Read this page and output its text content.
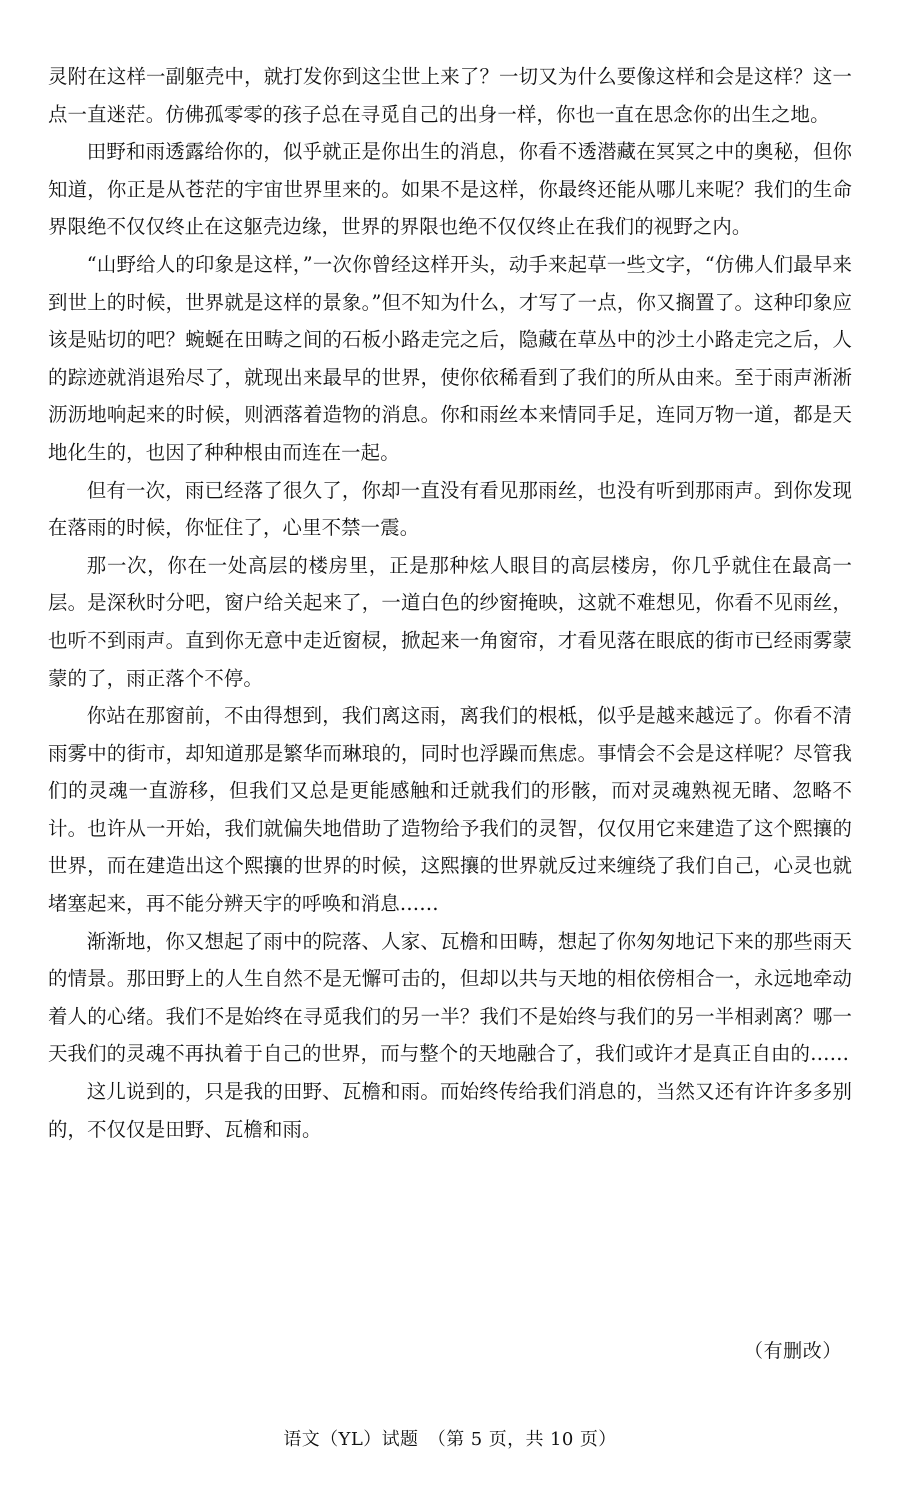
灵附在这样一副躯壳中，就打发你到这尘世上来了？一切又为什么要像这样和会是这样？这一点一直迷茫。仿佛孤零零的孩子总在寻觅自己的出身一样，你也一直在思念你的出生之地。

田野和雨透露给你的，似乎就正是你出生的消息，你看不透潜藏在冥冥之中的奥秘，但你知道，你正是从苍茫的宇宙世界里来的。如果不是这样，你最终还能从哪儿来呢？我们的生命界限绝不仅仅终止在这躯壳边缘，世界的界限也绝不仅仅终止在我们的视野之内。

“山野给人的印象是这样，”一次你曾经这样开头，动手来起草一些文字，“仿佛人们最早来到世上的时候，世界就是这样的景象。”但不知为什么，才写了一点，你又搁置了。这种印象应该是贴切的吧？蜿蜒在田畴之间的石板小路走完之后，隐藏在草丛中的沙土小路走完之后，人的踪迹就消退殆尽了，就现出来最早的世界，使你依稀看到了我们的所从由来。至于雨声淅淅沥沥地响起来的时候，则洒落着造物的消息。你和雨丝本来情同手足，连同万物一道，都是天地化生的，也因了种种根由而连在一起。

但有一次，雨已经落了很久了，你却一直没有看见那雨丝，也没有听到那雨声。到你发现在落雨的时候，你怔住了，心里不禁一震。

那一次，你在一处高层的楼房里，正是那种炫人眼目的高层楼房，你几乎就住在最高一层。是深秋时分吧，窗户给关起来了，一道白色的纱窗掩映，这就不难想见，你看不见雨丝，也听不到雨声。直到你无意中走近窗棂，掀起来一角窗帘，才看见落在眼底的街市已经雨雾蒙蒙的了，雨正落个不停。

你站在那窗前，不由得想到，我们离这雨，离我们的根柢，似乎是越来越远了。你看不清雨雾中的街市，却知道那是繁华而琳琅的，同时也浮躁而焦虑。事情会不会是这样呢？尽管我们的灵魂一直游移，但我们又总是更能感触和迁就我们的形骸，而对灵魂熟视无睹、忽略不计。也许从一开始，我们就偏失地借助了造物给予我们的灵智，仅仅用它来建造了这个熙攘的世界，而在建造出这个熙攘的世界的时候，这熙攘的世界就反过来缠绕了我们自己，心灵也就堵塞起来，再不能分辨天宇的呼唤和消息……

渐渐地，你又想起了雨中的院落、人家、瓦檐和田畴，想起了你匆匆地记下来的那些雨天的情景。那田野上的人生自然不是无懈可击的，但却以共与天地的相依傍相合一，永远地牵动着人的心绪。我们不是始终在寻觅我们的另一半？我们不是始终与我们的另一半相剥离？哪一天我们的灵魂不再执着于自己的世界，而与整个的天地融合了，我们或许才是真正自由的……

这儿说到的，只是我的田野、瓦檐和雨。而始终传给我们消息的，当然又还有许许多多别的，不仅仅是田野、瓦檐和雨。

（有删改）
语文（YL）试题　（第 5 页，共 10 页）
